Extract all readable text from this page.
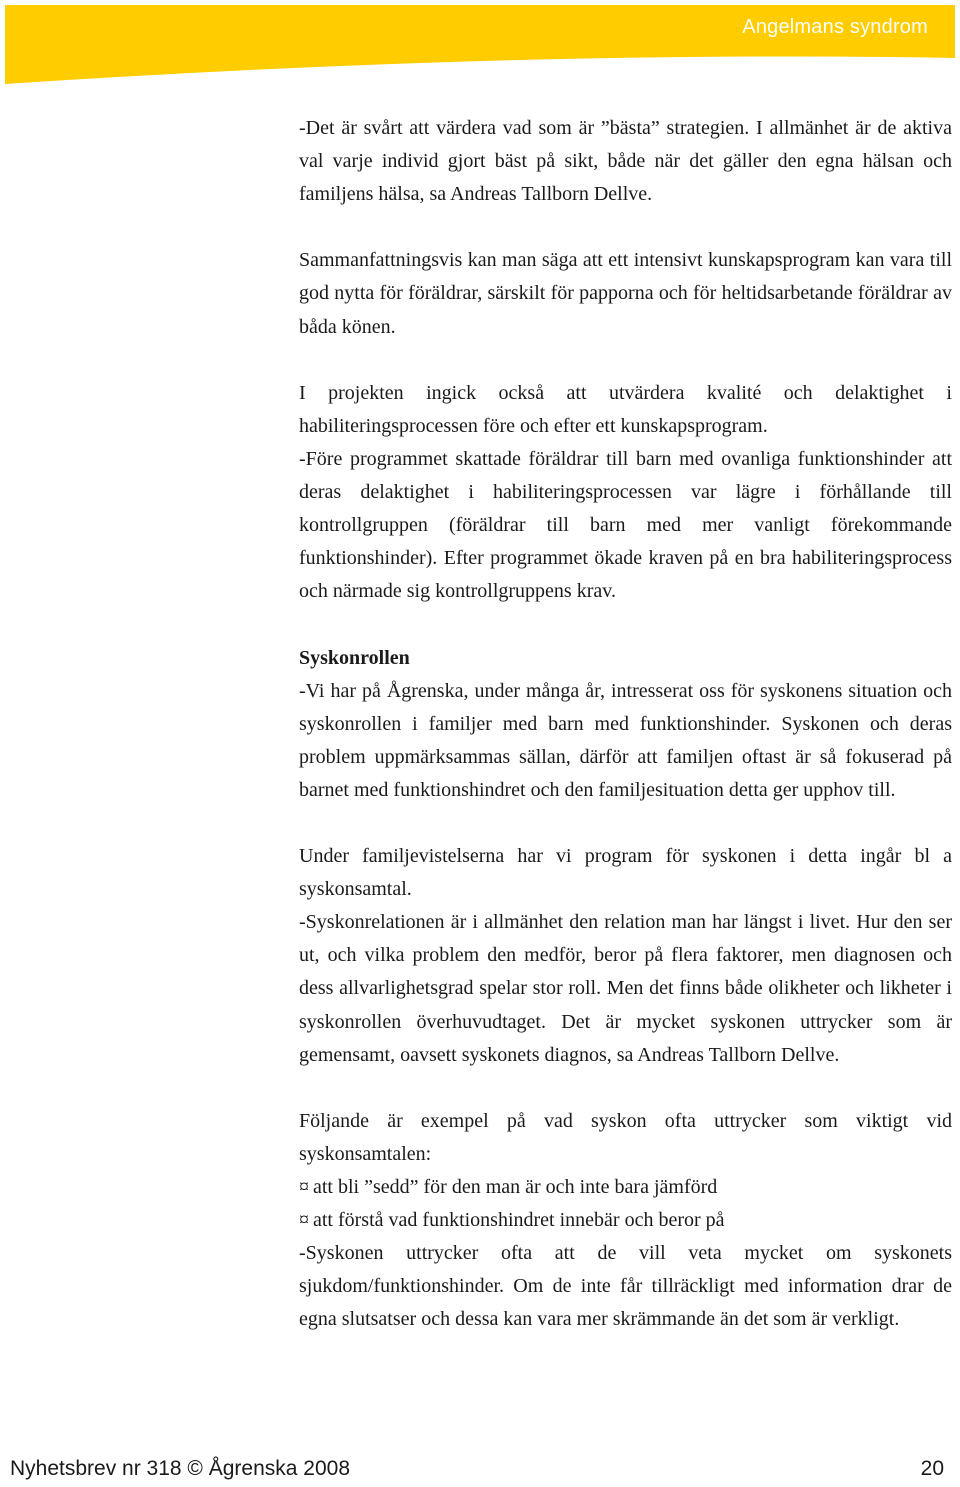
Angelmans syndrom

-Det är svårt att värdera vad som är ”bästa” strategien. I allmänhet är de aktiva val varje individ gjort bäst på sikt, både när det gäller den egna hälsan och familjens hälsa, sa Andreas Tallborn Dellve.

Sammanfattningsvis kan man säga att ett intensivt kunskapsprogram kan vara till god nytta för föräldrar, särskilt för papporna och för heltidsarbetande föräldrar av båda könen.

I projekten ingick också att utvärdera kvalité och delaktighet i habiliteringsprocessen före och efter ett kunskapsprogram.

-Före programmet skattade föräldrar till barn med ovanliga funktionshinder att deras delaktighet i habiliteringsprocessen var lägre i förhållande till kontrollgruppen (föräldrar till barn med mer vanligt förekommande funktionshinder). Efter programmet ökade kraven på en bra habiliteringsprocess och närmade sig kontrollgruppens krav.

Syskonrollen

-Vi har på Ågrenska, under många år, intresserat oss för syskonens situation och syskonrollen i familjer med barn med funktionshinder. Syskonen och deras problem uppmärksammas sällan, därför att familjen oftast är så fokuserad på barnet med funktionshindret och den familjesituation detta ger upphov till.

Under familjevistelserna har vi program för syskonen i detta ingår bl a syskonsamtal.

-Syskonrelationen är i allmänhet den relation man har längst i livet. Hur den ser ut, och vilka problem den medför, beror på flera faktorer, men diagnosen och dess allvarlighetsgrad spelar stor roll. Men det finns både olikheter och likheter i syskonrollen överhuvudtaget. Det är mycket syskonen uttrycker som är gemensamt, oavsett syskonets diagnos, sa Andreas Tallborn Dellve.

Följande är exempel på vad syskon ofta uttrycker som viktigt vid syskonsamtalen:

¤ att bli ”sedd” för den man är och inte bara jämförd

¤ att förstå vad funktionshindret innebär och beror på

-Syskonen uttrycker ofta att de vill veta mycket om syskonets sjukdom/funktionshinder. Om de inte får tillräckligt med information drar de egna slutsatser och dessa kan vara mer skrämmande än det som är verkligt.

Nyhetsbrev nr 318 © Ågrenska 2008	20
